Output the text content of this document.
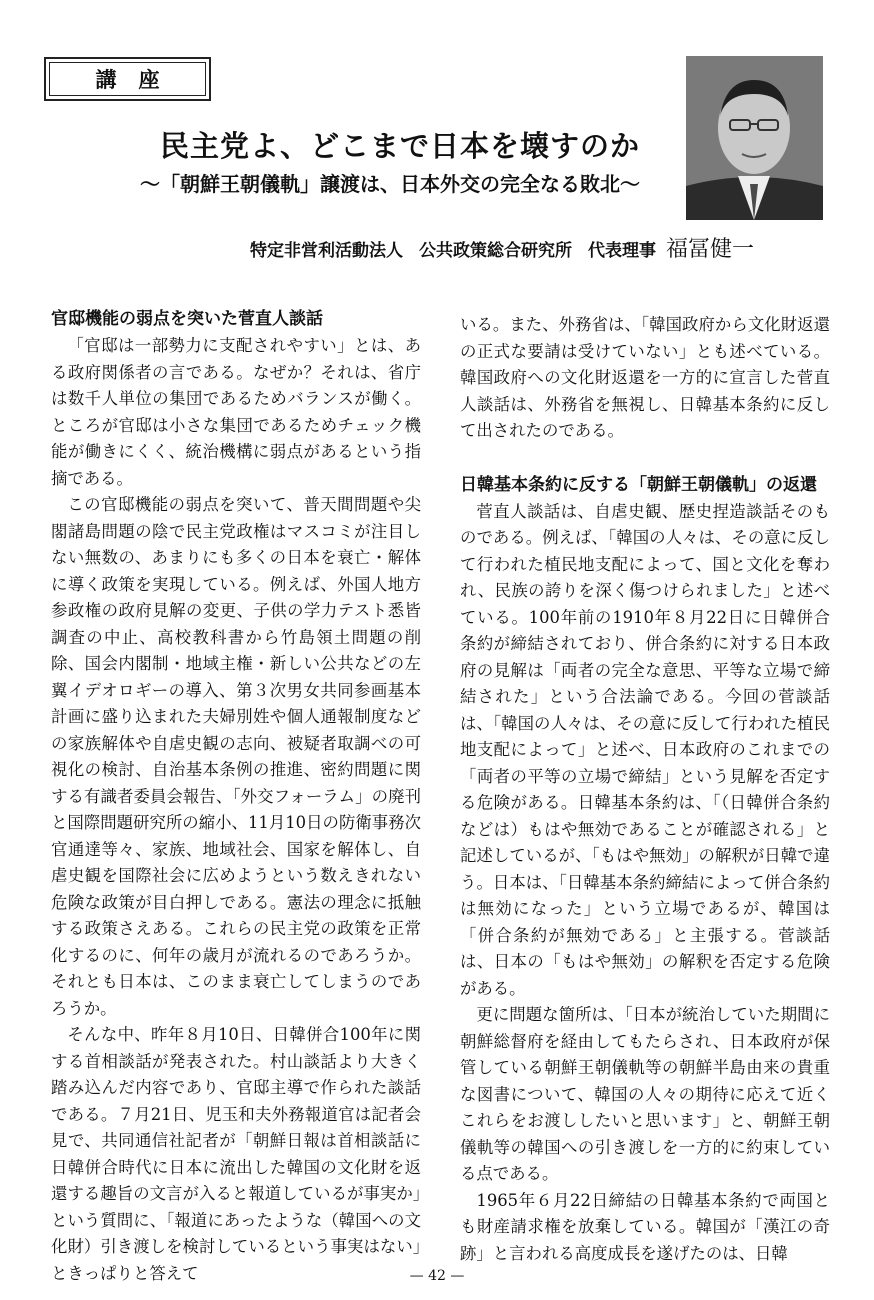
講座
民主党よ、どこまで日本を壊すのか
〜「朝鮮王朝儀軌」譲渡は、日本外交の完全なる敗北〜
特定非営利活動法人 公共政策総合研究所 代表理事 福冨健一
官邸機能の弱点を突いた菅直人談話

「官邸は一部勢力に支配されやすい」とは、ある政府関係者の言である。なぜか？それは、省庁は数千人単位の集団であるためバランスが働く。ところが官邸は小さな集団であるためチェック機能が働きにくく、統治機構に弱点があるという指摘である。

この官邸機能の弱点を突いて、普天間問題や尖閣諸島問題の陰で民主党政権はマスコミが注目しない無数の、あまりにも多くの日本を衰亡・解体に導く政策を実現している。例えば、外国人地方参政権の政府見解の変更、子供の学力テスト悉皆調査の中止、高校教科書から竹島領土問題の削除、国会内閣制・地域主権・新しい公共などの左翼イデオロギーの導入、第３次男女共同参画基本計画に盛り込まれた夫婦別姓や個人通報制度などの家族解体や自虐史観の志向、被疑者取調べの可視化の検討、自治基本条例の推進、密約問題に関する有識者委員会報告、「外交フォーラム」の廃刊と国際問題研究所の縮小、11月10日の防衛事務次官通達等々、家族、地域社会、国家を解体し、自虐史観を国際社会に広めようという数えきれない危険な政策が目白押しである。憲法の理念に抵触する政策さえある。これらの民主党の政策を正常化するのに、何年の歳月が流れるのであろうか。それとも日本は、このまま衰亡してしまうのであろうか。

そんな中、昨年８月10日、日韓併合100年に関する首相談話が発表された。村山談話より大きく踏み込んだ内容であり、官邸主導で作られた談話である。７月21日、児玉和夫外務報道官は記者会見で、共同通信社記者が「朝鮮日報は首相談話に日韓併合時代に日本に流出した韓国の文化財を返還する趣旨の文言が入ると報道しているが事実か」という質問に、「報道にあったような（韓国への文化財）引き渡しを検討しているという事実はない」ときっぱりと答えて

いる。また、外務省は、「韓国政府から文化財返還の正式な要請は受けていない」とも述べている。韓国政府への文化財返還を一方的に宣言した菅直人談話は、外務省を無視し、日韓基本条約に反して出されたのである。

日韓基本条約に反する「朝鮮王朝儀軌」の返還

菅直人談話は、自虐史観、歴史捏造談話そのものである。例えば、「韓国の人々は、その意に反して行われた植民地支配によって、国と文化を奪われ、民族の誇りを深く傷つけられました」と述べている。100年前の1910年８月22日に日韓併合条約が締結されており、併合条約に対する日本政府の見解は「両者の完全な意思、平等な立場で締結された」という合法論である。今回の菅談話は、「韓国の人々は、その意に反して行われた植民地支配によって」と述べ、日本政府のこれまでの「両者の平等の立場で締結」という見解を否定する危険がある。日韓基本条約は、「（日韓併合条約などは）もはや無効であることが確認される」と記述しているが、「もはや無効」の解釈が日韓で違う。日本は、「日韓基本条約締結によって併合条約は無効になった」という立場であるが、韓国は「併合条約が無効である」と主張する。菅談話は、日本の「もはや無効」の解釈を否定する危険がある。

更に問題な箇所は、「日本が統治していた期間に朝鮮総督府を経由してもたらされ、日本政府が保管している朝鮮王朝儀軌等の朝鮮半島由来の貴重な図書について、韓国の人々の期待に応えて近くこれらをお渡ししたいと思います」と、朝鮮王朝儀軌等の韓国への引き渡しを一方的に約束している点である。

1965年６月22日締結の日韓基本条約で両国とも財産請求権を放棄している。韓国が「漢江の奇跡」と言われる高度成長を遂げたのは、日韓

— 42 —
